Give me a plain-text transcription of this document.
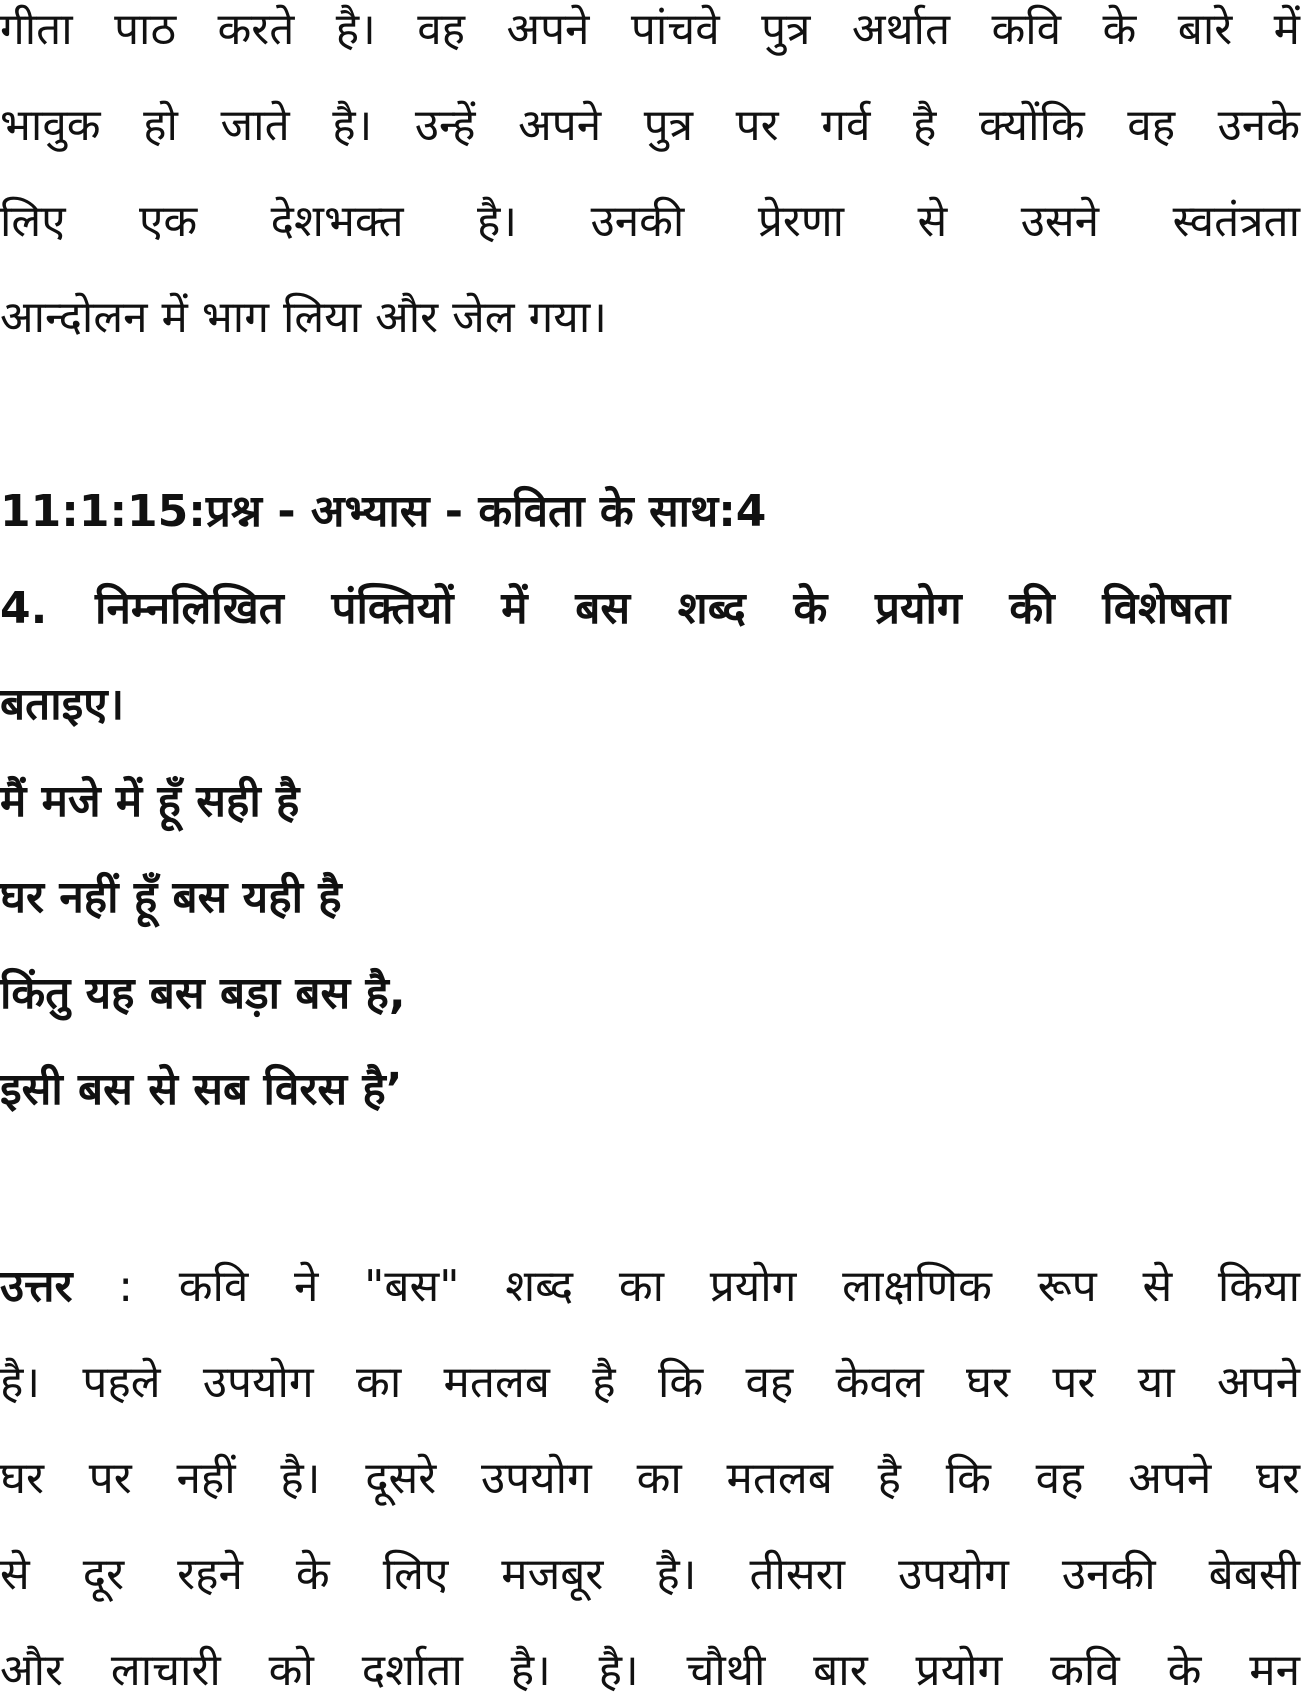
गीता पाठ करते है। वह अपने पांचवे पुत्र अर्थात कवि के बारे में
भावुक हो जाते है। उन्हें अपने पुत्र पर गर्व है क्योंकि वह उनके
लिए एक देशभक्त है। उनकी प्रेरणा से उसने स्वतंत्रता
आन्दोलन में भाग लिया और जेल गया।
11:1:15:प्रश्न - अभ्यास - कविता के साथ:4
4. निम्नलिखित पंक्तियों में बस शब्द के प्रयोग की विशेषता
बताइए।
मैं मजे में हूँ सही है
घर नहीं हूँ बस यही है
किंतु यह बस बड़ा बस है,
इसी बस से सब विरस है’
उत्तर : कवि ने "बस" शब्द का प्रयोग लाक्षणिक रूप से किया
है। पहले उपयोग का मतलब है कि वह केवल घर पर या अपने
घर पर नहीं है। दूसरे उपयोग का मतलब है कि वह अपने घर
से दूर रहने के लिए मजबूर है। तीसरा उपयोग उनकी बेबसी
और लाचारी को दर्शाता है। है। चौथी बार प्रयोग कवि के मन
